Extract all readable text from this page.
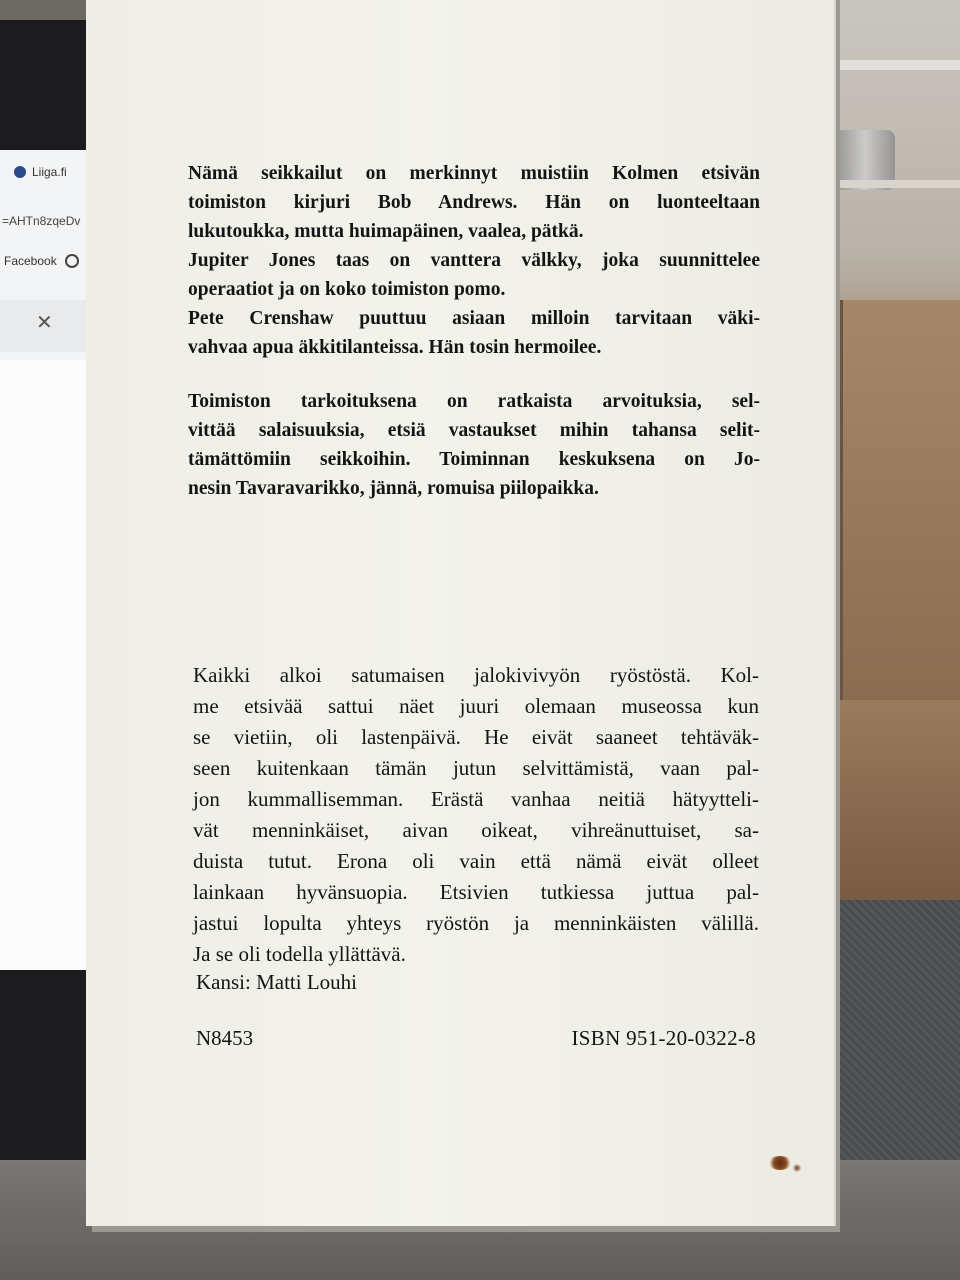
Liiga.fi
=AHTn8zqeDv
Facebook
✕

Nämä seikkailut on merkinnyt muistiin Kolmen etsivän
toimiston kirjuri Bob Andrews. Hän on luonteeltaan
lukutoukka, mutta huimapäinen, vaalea, pätkä.
Jupiter Jones taas on vanttera välkky, joka suunnittelee
operaatiot ja on koko toimiston pomo.
Pete Crenshaw puuttuu asiaan milloin tarvitaan väki-
vahvaa apua äkkitilanteissa. Hän tosin hermoilee.

Toimiston tarkoituksena on ratkaista arvoituksia, sel-
vittää salaisuuksia, etsiä vastaukset mihin tahansa selit-
tämättömiin seikkoihin. Toiminnan keskuksena on Jo-
nesin Tavaravarikko, jännä, romuisa piilopaikka.

Kaikki alkoi satumaisen jalokivivyön ryöstöstä. Kol-
me etsivää sattui näet juuri olemaan museossa kun
se vietiin, oli lastenpäivä. He eivät saaneet tehtäväk-
seen kuitenkaan tämän jutun selvittämistä, vaan pal-
jon kummallisemman. Erästä vanhaa neitiä hätyytteli-
vät menninkäiset, aivan oikeat, vihreänuttuiset, sa-
duista tutut. Erona oli vain että nämä eivät olleet
lainkaan hyvänsuopia. Etsivien tutkiessa juttua pal-
jastui lopulta yhteys ryöstön ja menninkäisten välillä.
Ja se oli todella yllättävä.

Kansi: Matti Louhi

N8453	ISBN 951-20-0322-8
